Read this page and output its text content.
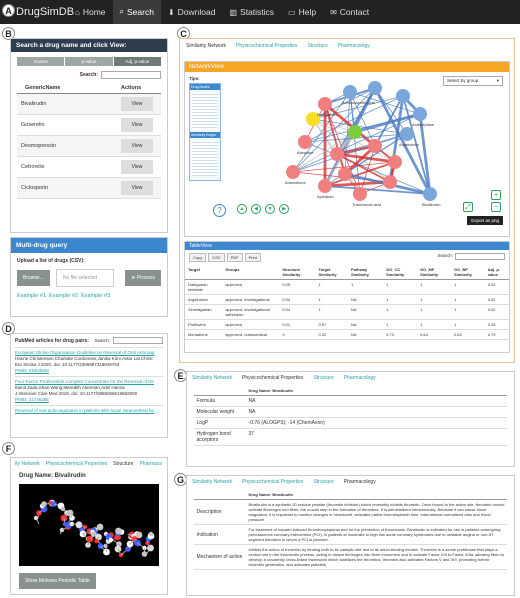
DrugSimDB ⌂ Home ⌕ Search ⬇ Download ▥ Statistics ▭ Help ✉ Contact
A
B	C
D
E
F
G
Search a drug name and click View:
Scores	p-value	Adj. p-value
Search:
GenericName	Actions
Bivalirudin	View
Goserelin	View
Desmopressin	View
Cetrorelix	View
Ciclosporin	View
Multi-drug query
Upload a list of drugs (CSV):
Browse...	No file selected	➤ Process
Example #1 Example #2 Example #3
Similarity Network Physicochemical Properties Structure Pharmacology
NetworkView
Tips:
Drug Nodes
Similarity Edges
?
Select by group	▾
Dabigatran
Argatroban
Alteplase
Anisindione
Aminocaproic Acid
Apixaban
Tranexamic acid	Bivalirudin
Anistreplase
▲	◀	▼	▶
+
−
⤢
Export as png
TableView
Copy	CSV	PDF	Print	Search:
Target	Groups	Structure Similarity	Target Similarity	Pathway Similarity	GO_CC Similarity	GO_MF Similarity	GO_BP Similarity	Adj. p-value
Dabigatran etexilate	approved	0.05	1	1	1	1	1	0.02
Argatroban	approved, investigational	0.04	1	NA	1	1	1	0.02
Ximelagatran	approved, investigational, withdrawn	0.04	1	NA	1	1	1	0.02
Proflavine	approved	0.01	0.57	NA	1	1	1	0.25
Menadione	approved, nutraceutical	0	0.32	NA	0.73	0.64	0.83	0.79
PubMed articles for drug pairs: Search:
European Stroke Organisation Guideline on Reversal of Oral Anticoag
Hanne Christensen,Charlotte Cordonnier,Janika Kõrv,Avtar Lal,Christ
Eur Stroke J 2020. doi: 10.1177/2396987319849763
PMID: 31903828
Four-Factor Prothrombin Complex Concentrate for the Reversal of Dir
Itamit Zada,Shan Wang,Meredith Akerman,Adel Hanna
J Intensive Care Med 2019. doi: 10.1177/0885066619882909
PMID: 31746285
Reversal of oral anticoagulation in patients with acute intracerebral he
Similarity Network Physicochemical Properties Structure Pharmacology
	Drug Name: Bivalirudin
Formula	NA
Molecular weight	NA
LogP	-0.76 (ALOGPS); -14 (ChemAxon)
Hydrogen bond acceptors	37
ity Network Physicochemical Properties Structure Pharmaco
Drug Name: Bivalirudin
Show Molview Periodic Table
Similarity Network Physicochemical Properties Structure Pharmacology
	Drug Name: Bivalirudin
Description	Bivalirudin is a synthetic 20 residue peptide (thrombin inhibitor) which reversibly inhibits thrombin. Once bound to the active site, thrombin cannot activate fibrinogen into fibrin, the crucial step in the formation of thrombus. It is administered intravenously. Because it can cause blood stagnation, it is important to monitor changes in hematocrit, activated partial thromboplastin time, international normalized ratio and blood pressure.
Indication	For treatment of heparin-induced thrombocytopenia and for the prevention of thrombosis. Bivalirudin is indicated for use in patients undergoing percutaneous coronary intervention (PCI), in patients at moderate to high risk acute coronary syndromes due to unstable angina or non-ST segment elevation in whom a PCI is planned.
Mechanism of action	Inhibits the action of thrombin by binding both to its catalytic site and to its anion-binding exosite. Thrombin is a serine proteinase that plays a central role in the thrombotic process, acting to cleave fibrinogen into fibrin monomers and to activate Factor XIII to Factor XIIIa, allowing fibrin to develop a covalently cross-linked framework which stabilizes the thrombus; thrombin also activates Factors V and VIII, promoting further thrombin generation, and activates platelets,
